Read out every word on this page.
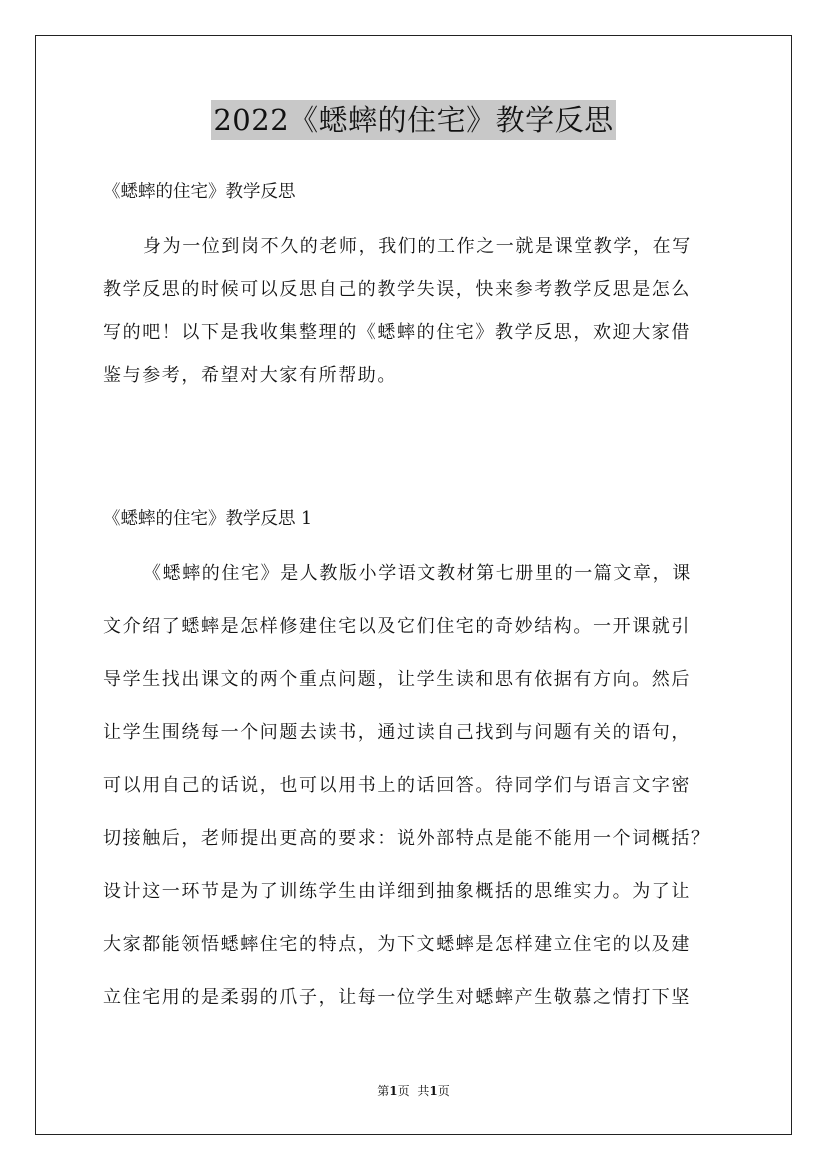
2022《蟋蟀的住宅》教学反思
《蟋蟀的住宅》教学反思
身为一位到岗不久的老师，我们的工作之一就是课堂教学，在写
教学反思的时候可以反思自己的教学失误，快来参考教学反思是怎么
写的吧！以下是我收集整理的《蟋蟀的住宅》教学反思，欢迎大家借
鉴与参考，希望对大家有所帮助。
《蟋蟀的住宅》教学反思 1
《蟋蟀的住宅》是人教版小学语文教材第七册里的一篇文章，课
文介绍了蟋蟀是怎样修建住宅以及它们住宅的奇妙结构。一开课就引
导学生找出课文的两个重点问题，让学生读和思有依据有方向。然后
让学生围绕每一个问题去读书，通过读自己找到与问题有关的语句，
可以用自己的话说，也可以用书上的话回答。待同学们与语言文字密
切接触后，老师提出更高的要求：说外部特点是能不能用一个词概括？
设计这一环节是为了训练学生由详细到抽象概括的思维实力。为了让
大家都能领悟蟋蟀住宅的特点，为下文蟋蟀是怎样建立住宅的以及建
立住宅用的是柔弱的爪子，让每一位学生对蟋蟀产生敬慕之情打下坚
第1页 共1页
